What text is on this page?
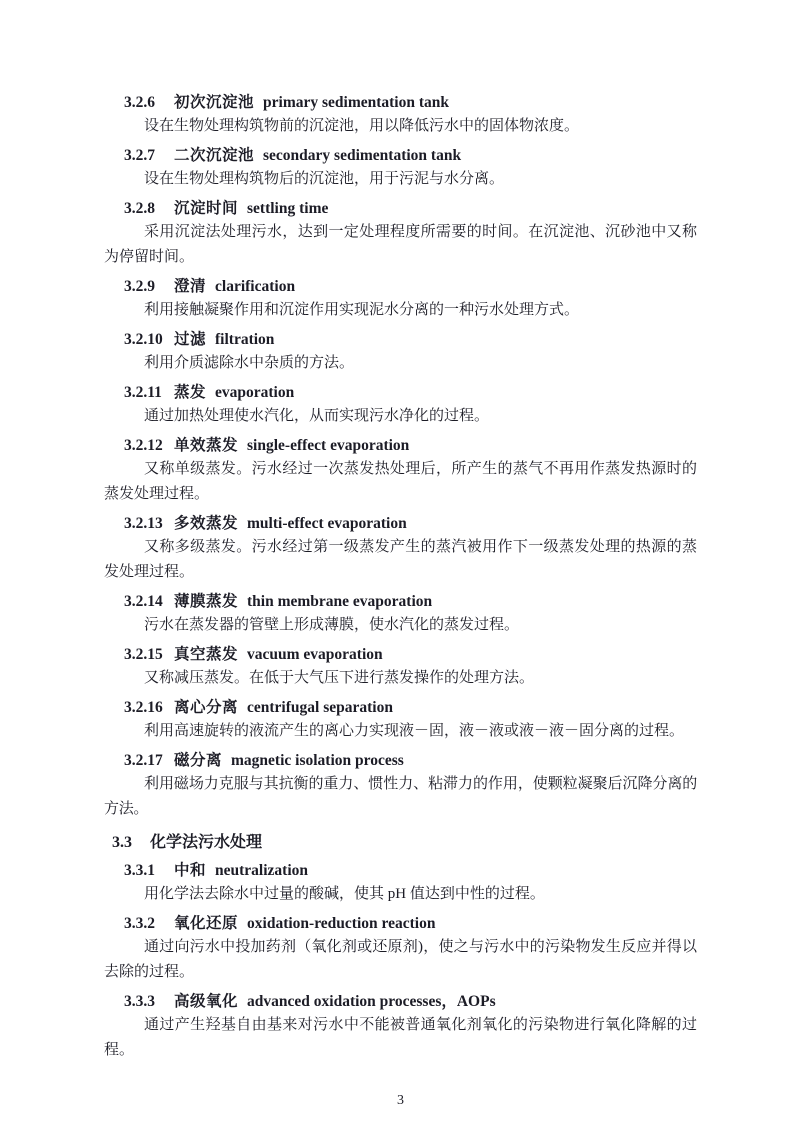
3.2.6 初次沉淀池 primary sedimentation tank

设在生物处理构筑物前的沉淀池，用以降低污水中的固体物浓度。

3.2.7 二次沉淀池 secondary sedimentation tank

设在生物处理构筑物后的沉淀池，用于污泥与水分离。

3.2.8 沉淀时间 settling time

采用沉淀法处理污水，达到一定处理程度所需要的时间。在沉淀池、沉砂池中又称为停留时间。

3.2.9 澄清 clarification

利用接触凝聚作用和沉淀作用实现泥水分离的一种污水处理方式。

3.2.10 过滤 filtration

利用介质滤除水中杂质的方法。

3.2.11 蒸发 evaporation

通过加热处理使水汽化，从而实现污水净化的过程。

3.2.12 单效蒸发 single-effect evaporation

又称单级蒸发。污水经过一次蒸发热处理后，所产生的蒸气不再用作蒸发热源时的蒸发处理过程。

3.2.13 多效蒸发 multi-effect evaporation

又称多级蒸发。污水经过第一级蒸发产生的蒸汽被用作下一级蒸发处理的热源的蒸发处理过程。

3.2.14 薄膜蒸发 thin membrane evaporation

污水在蒸发器的管壁上形成薄膜，使水汽化的蒸发过程。

3.2.15 真空蒸发 vacuum evaporation

又称减压蒸发。在低于大气压下进行蒸发操作的处理方法。

3.2.16 离心分离 centrifugal separation

利用高速旋转的液流产生的离心力实现液－固，液－液或液－液－固分离的过程。

3.2.17 磁分离 magnetic isolation process

利用磁场力克服与其抗衡的重力、惯性力、粘滞力的作用，使颗粒凝聚后沉降分离的方法。

3.3 化学法污水处理
3.3.1 中和 neutralization

用化学法去除水中过量的酸碱，使其 pH 值达到中性的过程。

3.3.2 氧化还原 oxidation-reduction reaction

通过向污水中投加药剂（氧化剂或还原剂)，使之与污水中的污染物发生反应并得以去除的过程。

3.3.3 高级氧化 advanced oxidation processes，AOPs

通过产生羟基自由基来对污水中不能被普通氧化剂氧化的污染物进行氧化降解的过程。

3
